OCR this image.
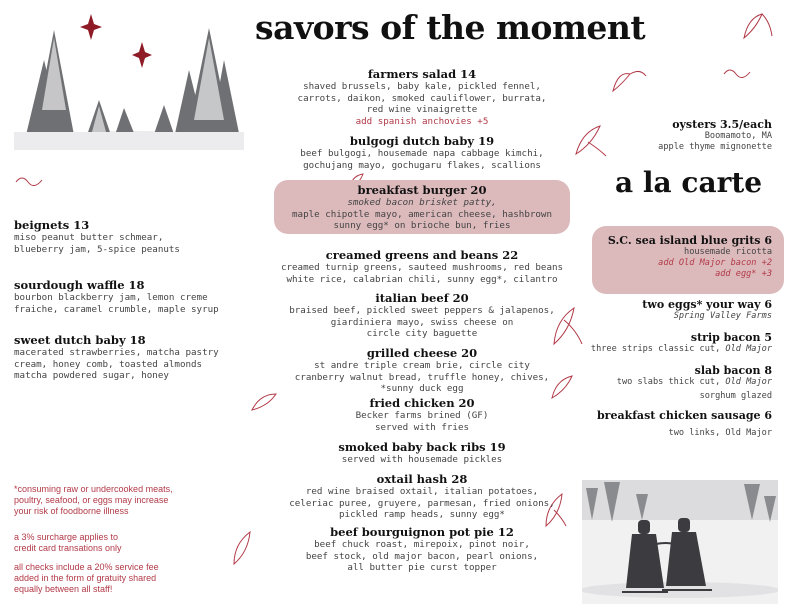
savors of the moment
a la carte
farmers salad 14
shaved brussels, baby kale, pickled fennel,
carrots, daikon, smoked cauliflower, burrata,
red wine vinaigrette
add spanish anchovies +5
bulgogi dutch baby 19
beef bulgogi, housemade napa cabbage kimchi,
gochujang mayo, gochugaru flakes, scallions
breakfast burger 20
smoked bacon brisket patty,
maple chipotle mayo, american cheese, hashbrown
sunny egg* on brioche bun, fries
creamed greens and beans 22
creamed turnip greens, sauteed mushrooms, red beans
white rice, calabrian chili, sunny egg*, cilantro
italian beef 20
braised beef, pickled sweet peppers & jalapenos,
giardiniera mayo, swiss cheese on
circle city baguette
grilled cheese 20
st andre triple cream brie, circle city
cranberry walnut bread, truffle honey, chives,
*sunny duck egg
fried chicken 20
Becker farms brined (GF)
served with fries
smoked baby back ribs 19
served with housemade pickles
oxtail hash 28
red wine braised oxtail, italian potatoes,
celeriac puree, gruyere, parmesan, fried onions,
pickled ramp heads, sunny egg*
beef bourguignon pot pie 12
beef chuck roast, mirepoix, pinot noir,
beef stock, old major bacon, pearl onions,
all butter pie curst topper
beignets 13
miso peanut butter schmear,
blueberry jam, 5-spice peanuts
sourdough waffle 18
bourbon blackberry jam, lemon creme
fraiche, caramel crumble, maple syrup
sweet dutch baby 18
macerated strawberries, matcha pastry
cream, honey comb, toasted almonds
matcha powdered sugar, honey
*consuming raw or undercooked meats,
poultry, seafood, or eggs may increase
your risk of foodborne illness
a 3% surcharge applies to
credit card transations only
all checks include a 20% service fee
added in the form of gratuity shared
equally between all staff!
oysters 3.5/each
Boomamoto, MA
apple thyme mignonette
S.C. sea island blue grits 6
housemade ricotta
add Old Major bacon +2
add egg* +3
two eggs* your way 6
Spring Valley Farms
strip bacon 5
three strips classic cut, Old Major
slab bacon 8
two slabs thick cut, Old Major
sorghum glazed
breakfast chicken sausage 6
two links, Old Major
